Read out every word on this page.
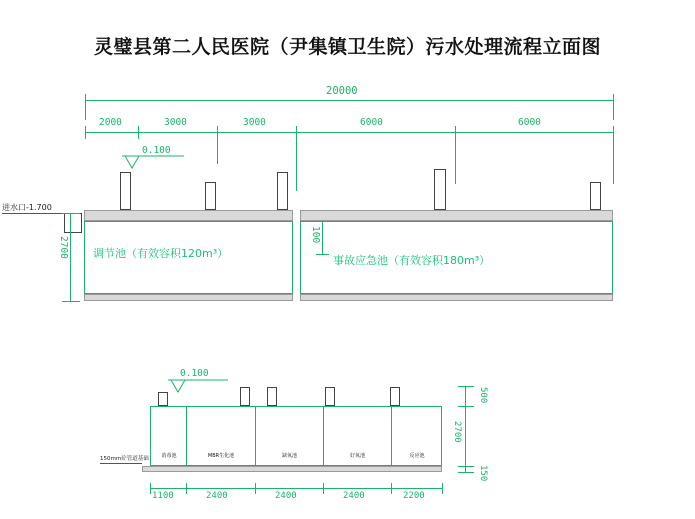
灵璧县第二人民医院（尹集镇卫生院）污水处理流程立面图
20000
2000	3000	3000	6000	6000
0.100
进水口-1.700
调节池（有效容积120m³）
事故应急池（有效容积180m³）
2700
100
0.100
150mm砼管道基础	消毒池	MBR生化池	缺氧池	好氧池	反应池
1100	2400	2400	2400	2200
500
2700
150
